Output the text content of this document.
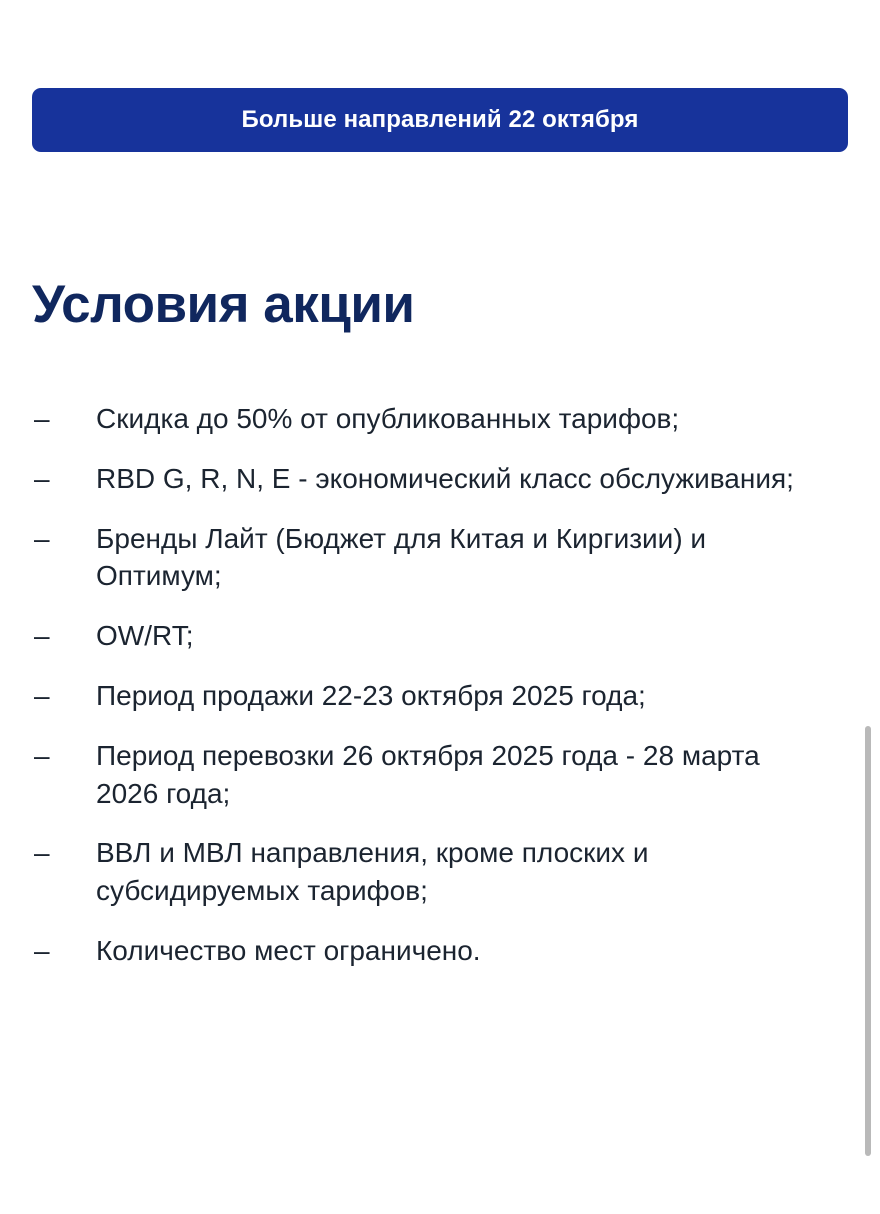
Больше направлений 22 октября
Условия акции
–	Скидка до 50% от опубликованных тарифов;
–	RBD G, R, N, E - экономический класс обслуживания;
–	Бренды Лайт (Бюджет для Китая и Киргизии) и Оптимум;
–	OW/RT;
–	Период продажи 22-23 октября 2025 года;
–	Период перевозки 26 октября 2025 года - 28 марта 2026 года;
–	ВВЛ и МВЛ направления, кроме плоских и субсидируемых тарифов;
–	Количество мест ограничено.
